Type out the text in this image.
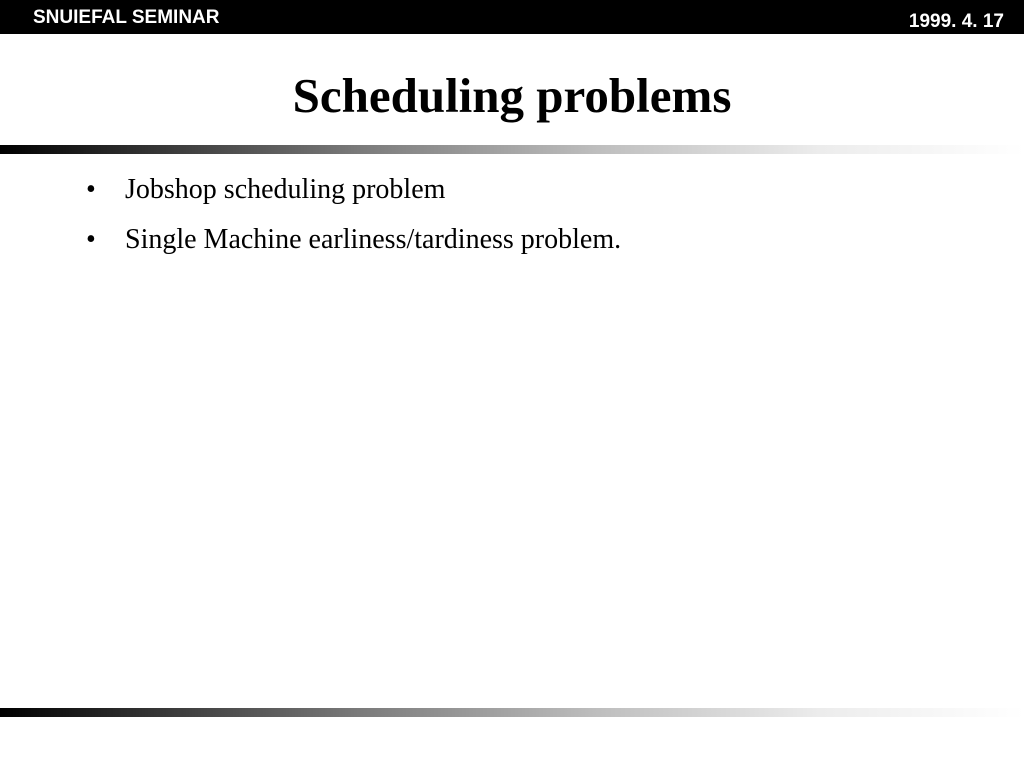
SNUIEFAL SEMINAR	1999. 4. 17
Scheduling problems
• Jobshop scheduling problem
• Single Machine earliness/tardiness problem.
